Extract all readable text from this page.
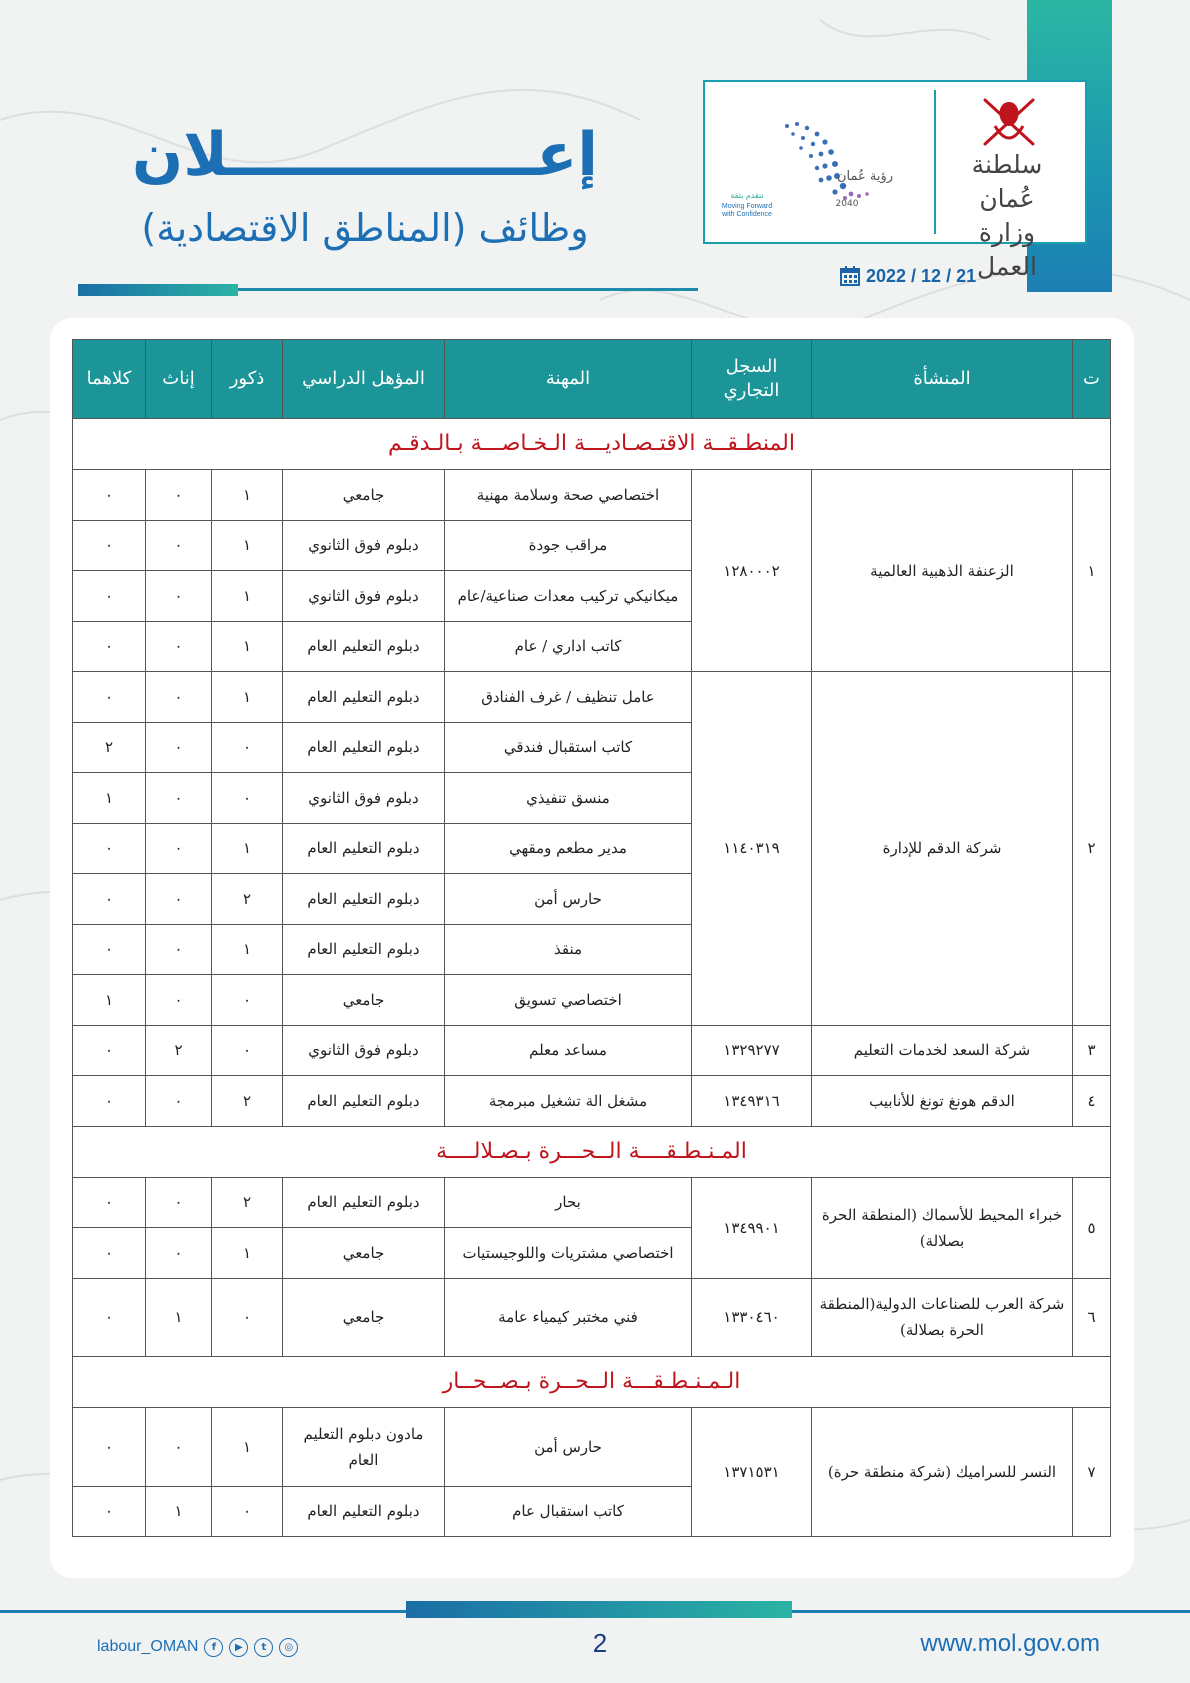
رؤية عُمان
2040
نتقدم بثقة
Moving Forward
with Confidence
سلطنة عُمان
وزارة العمل
2022 / 12 / 21
إعـــــــــــــــلان
وظائف (المناطق الاقتصادية)
ت	المنشأة	السجل التجاري	المهنة	المؤهل الدراسي	ذكور	إناث	كلاهما
المنطـقــة الاقتـصـاديـــة الـخـاصـــة بـالـدقـم							
١	الزعنفة الذهبية العالمية	١٢٨٠٠٠٢	اختصاصي صحة وسلامة مهنية	جامعي	١	٠	٠
			مراقب جودة	دبلوم فوق الثانوي	١	٠	٠
			ميكانيكي تركيب معدات صناعية/عام	دبلوم فوق الثانوي	١	٠	٠
			كاتب اداري / عام	دبلوم التعليم العام	١	٠	٠
٢	شركة الدقم للإدارة	١١٤٠٣١٩	عامل تنظيف / غرف الفنادق	دبلوم التعليم العام	١	٠	٠
			كاتب استقبال فندقي	دبلوم التعليم العام	٠	٠	٢
			منسق تنفيذي	دبلوم فوق الثانوي	٠	٠	١
			مدير مطعم ومقهي	دبلوم التعليم العام	١	٠	٠
			حارس أمن	دبلوم التعليم العام	٢	٠	٠
			منقذ	دبلوم التعليم العام	١	٠	٠
			اختصاصي تسويق	جامعي	٠	٠	١
٣	شركة السعد لخدمات التعليم	١٣٢٩٢٧٧	مساعد معلم	دبلوم فوق الثانوي	٠	٢	٠
٤	الدقم هونغ تونغ للأنابيب	١٣٤٩٣١٦	مشغل الة تشغيل مبرمجة	دبلوم التعليم العام	٢	٠	٠
المـنـطـقــــة الــحـــرة بـصـلالــــة							
٥	خبراء المحيط للأسماك (المنطقة الحرة بصلالة)	١٣٤٩٩٠١	بحار	دبلوم التعليم العام	٢	٠	٠
			اختصاصي مشتريات واللوجيستيات	جامعي	١	٠	٠
٦	شركة العرب للصناعات الدولية(المنطقة الحرة بصلالة)	١٣٣٠٤٦٠	فني مختبر كيمياء عامة	جامعي	٠	١	٠
الـمـنـطـقـــة الــحــرة بـصــحــار							
٧	النسر للسراميك (شركة منطقة حرة)	١٣٧١٥٣١	حارس أمن	مادون دبلوم التعليم العام	١	٠	٠
			كاتب استقبال عام	دبلوم التعليم العام	٠	١	٠
labour_OMAN	f	▶	t	◎	2	www.mol.gov.om
